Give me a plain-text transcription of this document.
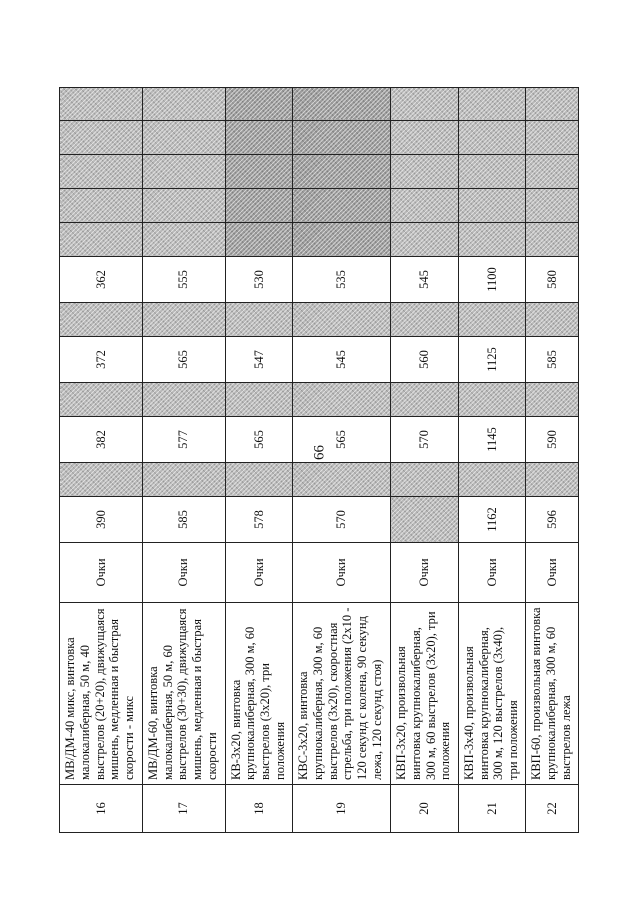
66
16	МВ/ДМ-40 микс, винтовка малокалиберная, 50 м, 40 выстрелов (20+20), движущаяся мишень, медленная и быстрая скорости - микс	Очки	390		382		372		362					
17	МВ/ДМ-60, винтовка малокалиберная, 50 м, 60 выстрелов (30+30), движущаяся мишень, медленная и быстрая скорости	Очки	585		577		565		555					
18	КВ-3х20, винтовка крупнокалиберная, 300 м, 60 выстрелов (3х20), три положения	Очки	578		565		547		530					
19	КВС-3х20, винтовка крупнокалиберная, 300 м, 60 выстрелов (3х20), скоростная стрельба, три положения (2х10 - 120 секунд с колена, 90 секунд лежа, 120 секунд стоя)	Очки	570		565		545		535					
20	КВП-3х20, произвольная винтовка крупнокалиберная, 300 м, 60 выстрелов (3х20), три положения	Очки			570		560		545					
21	КВП-3х40, произвольная винтовка крупнокалиберная, 300 м, 120 выстрелов (3х40), три положения	Очки	1162		1145		1125		1100					
22	КВП-60, произвольная винтовка крупнокалиберная, 300 м, 60 выстрелов лежа	Очки	596		590		585		580					
